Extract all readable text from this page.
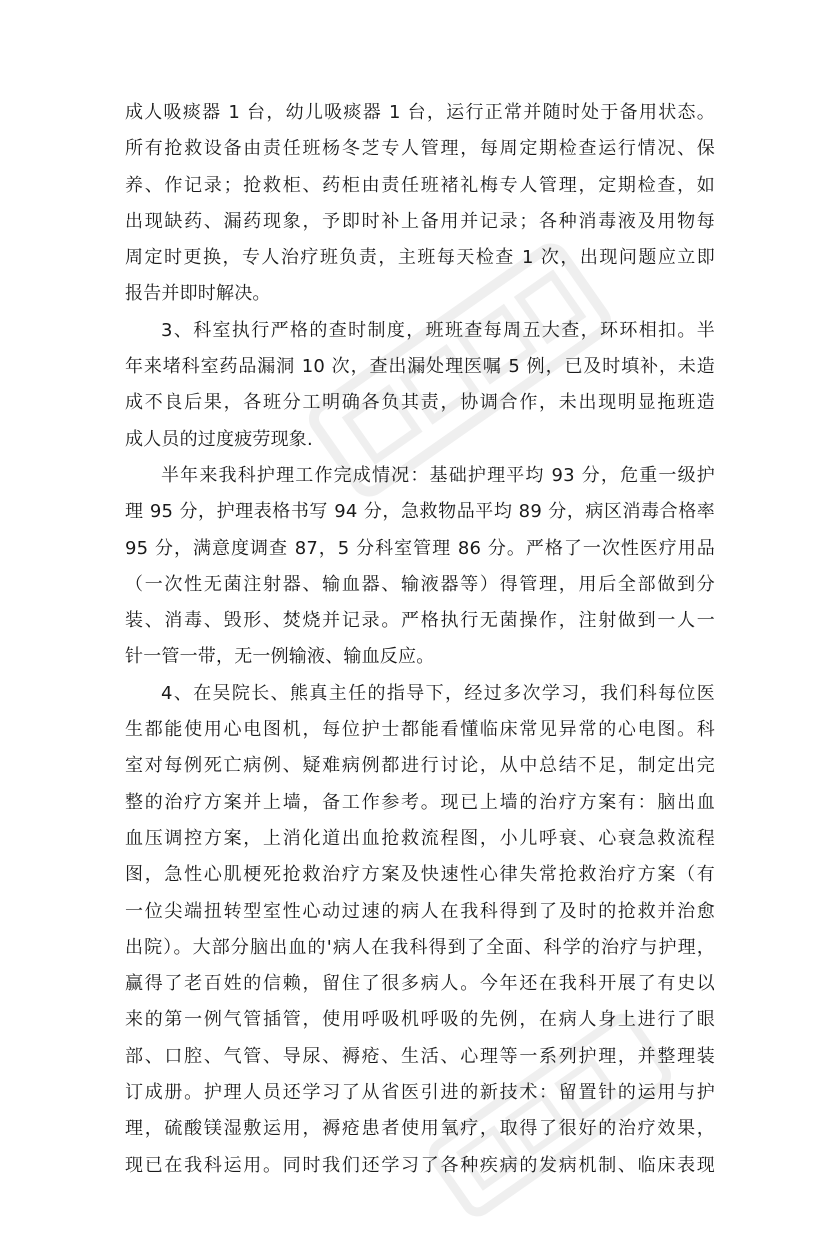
成人吸痰器 1 台，幼儿吸痰器 1 台，运行正常并随时处于备用状态。
所有抢救设备由责任班杨冬芝专人管理，每周定期检查运行情况、保
养、作记录；抢救柜、药柜由责任班褚礼梅专人管理，定期检查，如
出现缺药、漏药现象，予即时补上备用并记录；各种消毒液及用物每
周定时更换，专人治疗班负责，主班每天检查 1 次，出现问题应立即
报告并即时解决。
3、科室执行严格的查时制度，班班查每周五大查，环环相扣。半
年来堵科室药品漏洞 10 次，查出漏处理医嘱 5 例，已及时填补，未造
成不良后果，各班分工明确各负其责，协调合作，未出现明显拖班造
成人员的过度疲劳现象.
半年来我科护理工作完成情况：基础护理平均 93 分，危重一级护
理 95 分，护理表格书写 94 分，急救物品平均 89 分，病区消毒合格率
95 分，满意度调查 87，5 分科室管理 86 分。严格了一次性医疗用品
（一次性无菌注射器、输血器、输液器等）得管理，用后全部做到分
装、消毒、毁形、焚烧并记录。严格执行无菌操作，注射做到一人一
针一管一带，无一例输液、输血反应。
4、在吴院长、熊真主任的指导下，经过多次学习，我们科每位医
生都能使用心电图机，每位护士都能看懂临床常见异常的心电图。科
室对每例死亡病例、疑难病例都进行讨论，从中总结不足，制定出完
整的治疗方案并上墙，备工作参考。现已上墙的治疗方案有：脑出血
血压调控方案，上消化道出血抢救流程图，小儿呼衰、心衰急救流程
图，急性心肌梗死抢救治疗方案及快速性心律失常抢救治疗方案（有
一位尖端扭转型室性心动过速的病人在我科得到了及时的抢救并治愈
出院）。大部分脑出血的'病人在我科得到了全面、科学的治疗与护理，
赢得了老百姓的信赖，留住了很多病人。今年还在我科开展了有史以
来的第一例气管插管，使用呼吸机呼吸的先例，在病人身上进行了眼
部、口腔、气管、导尿、褥疮、生活、心理等一系列护理，并整理装
订成册。护理人员还学习了从省医引进的新技术：留置针的运用与护
理，硫酸镁湿敷运用，褥疮患者使用氧疗，取得了很好的治疗效果，
现已在我科运用。同时我们还学习了各种疾病的发病机制、临床表现
